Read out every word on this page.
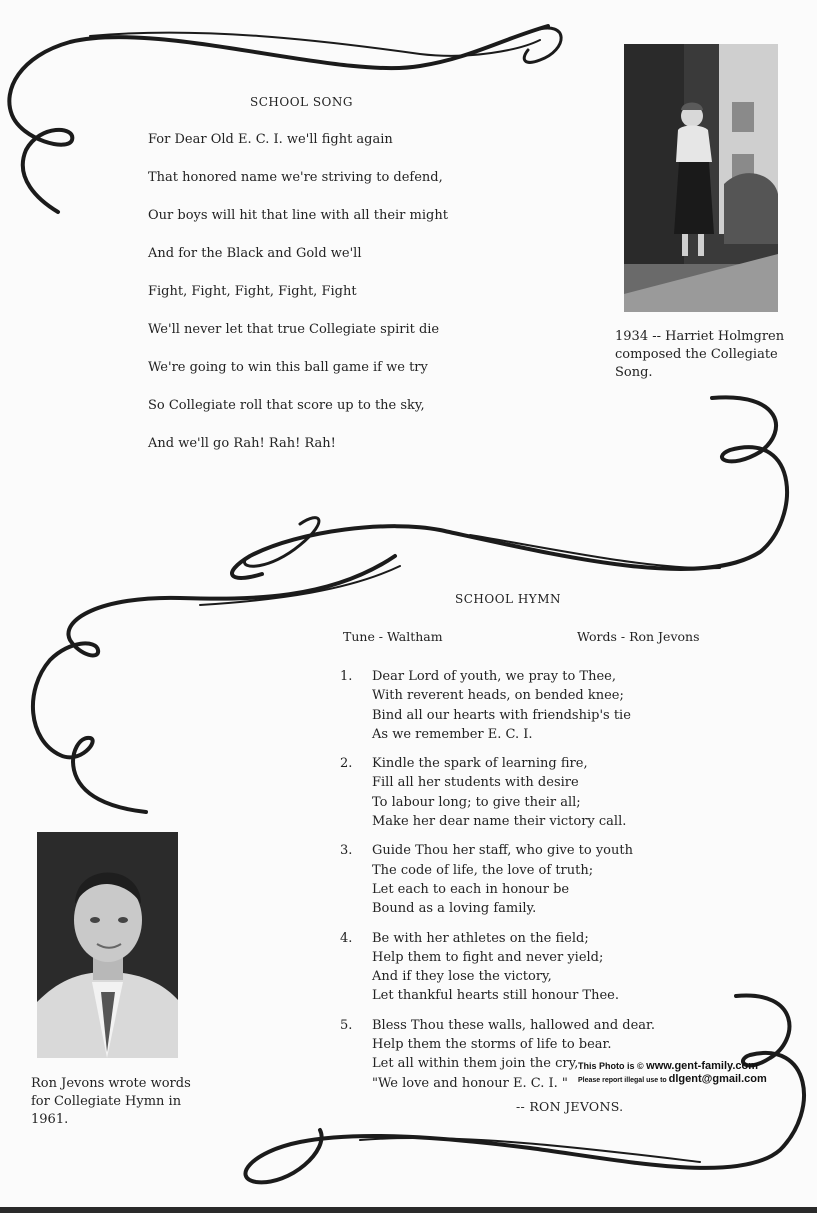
SCHOOL SONG
For Dear Old E. C. I. we'll fight again
That honored name we're striving to defend,
Our boys will hit that line with all their might
And for the Black and Gold we'll
Fight, Fight, Fight, Fight, Fight
We'll never let that true Collegiate spirit die
We're going to win this ball game if we try
So Collegiate roll that score up to the sky,
And we'll go Rah! Rah! Rah!
1934 -- Harriet Holmgren
composed the Collegiate
Song.
SCHOOL HYMN
Tune - Waltham	Words - Ron Jevons
1.	Dear Lord of youth, we pray to Thee,
With reverent heads, on bended knee;
Bind all our hearts with friendship's tie
As we remember E. C. I.
2.	Kindle the spark of learning fire,
Fill all her students with desire
To labour long; to give their all;
Make her dear name their victory call.
3.	Guide Thou her staff, who give to youth
The code of life, the love of truth;
Let each to each in honour be
Bound as a loving family.
4.	Be with her athletes on the field;
Help them to fight and never yield;
And if they lose the victory,
Let thankful hearts still honour Thee.
5.	Bless Thou these walls, hallowed and dear.
Help them the storms of life to bear.
Let all within them join the cry,
"We love and honour E. C. I. "
This Photo is © www.gent-family.com
Please report illegal use to dlgent@gmail.com
-- RON JEVONS.
Ron Jevons wrote words
for Collegiate Hymn in
1961.
